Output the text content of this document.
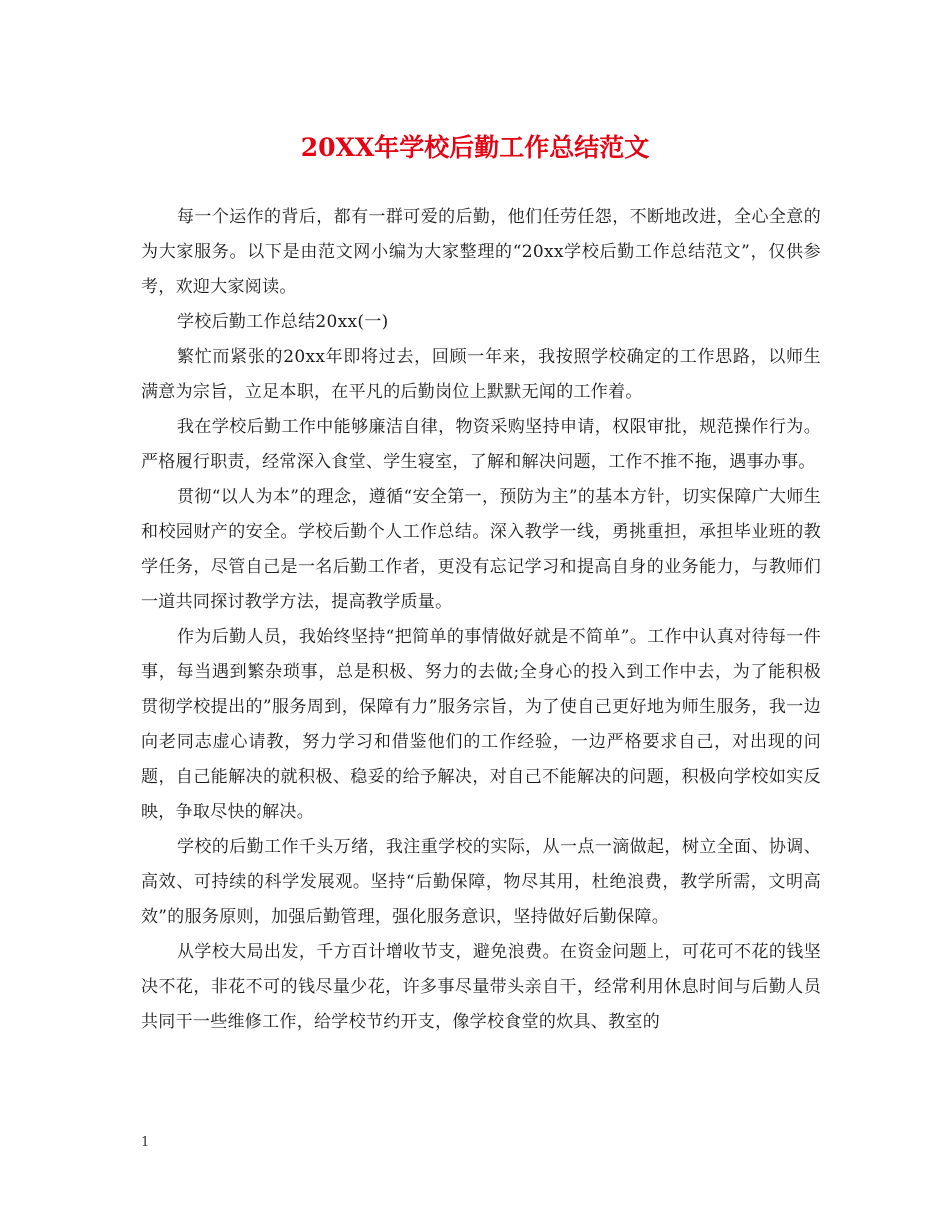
20XX年学校后勤工作总结范文

每一个运作的背后，都有一群可爱的后勤，他们任劳任怨，不断地改进，全心全意的为大家服务。以下是由范文网小编为大家整理的“20xx学校后勤工作总结范文”，仅供参考，欢迎大家阅读。

学校后勤工作总结20xx(一)

繁忙而紧张的20xx年即将过去，回顾一年来，我按照学校确定的工作思路，以师生满意为宗旨，立足本职，在平凡的后勤岗位上默默无闻的工作着。

我在学校后勤工作中能够廉洁自律，物资采购坚持申请，权限审批，规范操作行为。严格履行职责，经常深入食堂、学生寝室，了解和解决问题，工作不推不拖，遇事办事。

贯彻“以人为本”的理念，遵循“安全第一，预防为主”的基本方针，切实保障广大师生和校园财产的安全。学校后勤个人工作总结。深入教学一线，勇挑重担，承担毕业班的教学任务，尽管自己是一名后勤工作者，更没有忘记学习和提高自身的业务能力，与教师们一道共同探讨教学方法，提高教学质量。

作为后勤人员，我始终坚持“把简单的事情做好就是不简单”。工作中认真对待每一件事，每当遇到繁杂琐事，总是积极、努力的去做;全身心的投入到工作中去，为了能积极贯彻学校提出的”服务周到，保障有力”服务宗旨，为了使自己更好地为师生服务，我一边向老同志虚心请教，努力学习和借鉴他们的工作经验，一边严格要求自己，对出现的问题，自己能解决的就积极、稳妥的给予解决，对自己不能解决的问题，积极向学校如实反映，争取尽快的解决。

学校的后勤工作千头万绪，我注重学校的实际，从一点一滴做起，树立全面、协调、高效、可持续的科学发展观。坚持“后勤保障，物尽其用，杜绝浪费，教学所需，文明高效”的服务原则，加强后勤管理，强化服务意识，坚持做好后勤保障。

从学校大局出发，千方百计增收节支，避免浪费。在资金问题上，可花可不花的钱坚决不花，非花不可的钱尽量少花，许多事尽量带头亲自干，经常利用休息时间与后勤人员共同干一些维修工作，给学校节约开支，像学校食堂的炊具、教室的

1
